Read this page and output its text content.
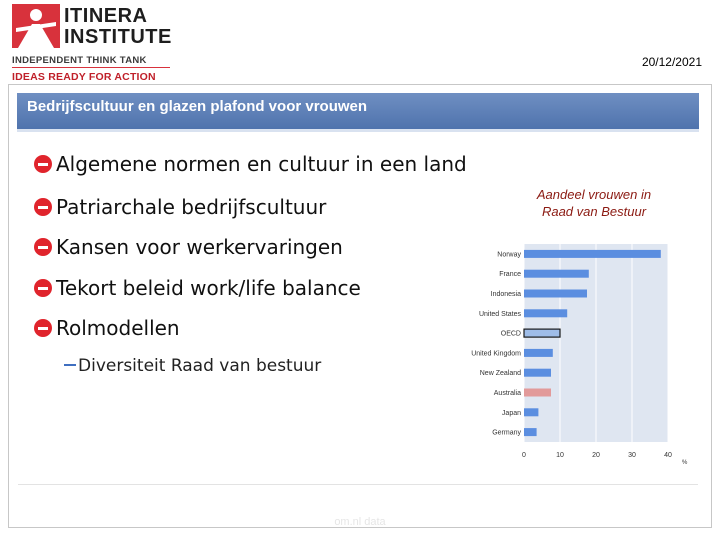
ITINERA
INSTITUTE
INDEPENDENT THINK TANK
IDEAS READY FOR ACTION
20/12/2021
Bedrijfscultuur en glazen plafond voor vrouwen
Algemene normen en cultuur in een land
Patriarchale bedrijfscultuur
Kansen voor werkervaringen
Tekort beleid work/life balance
Rolmodellen
Diversiteit Raad van bestuur
Aandeel vrouwen in Raad van Bestuur
0	10	20	30	40
%
Norway
France
Indonesia
United States
OECD
United Kingdom
New Zealand
Australia
Japan
Germany
om.nl data
